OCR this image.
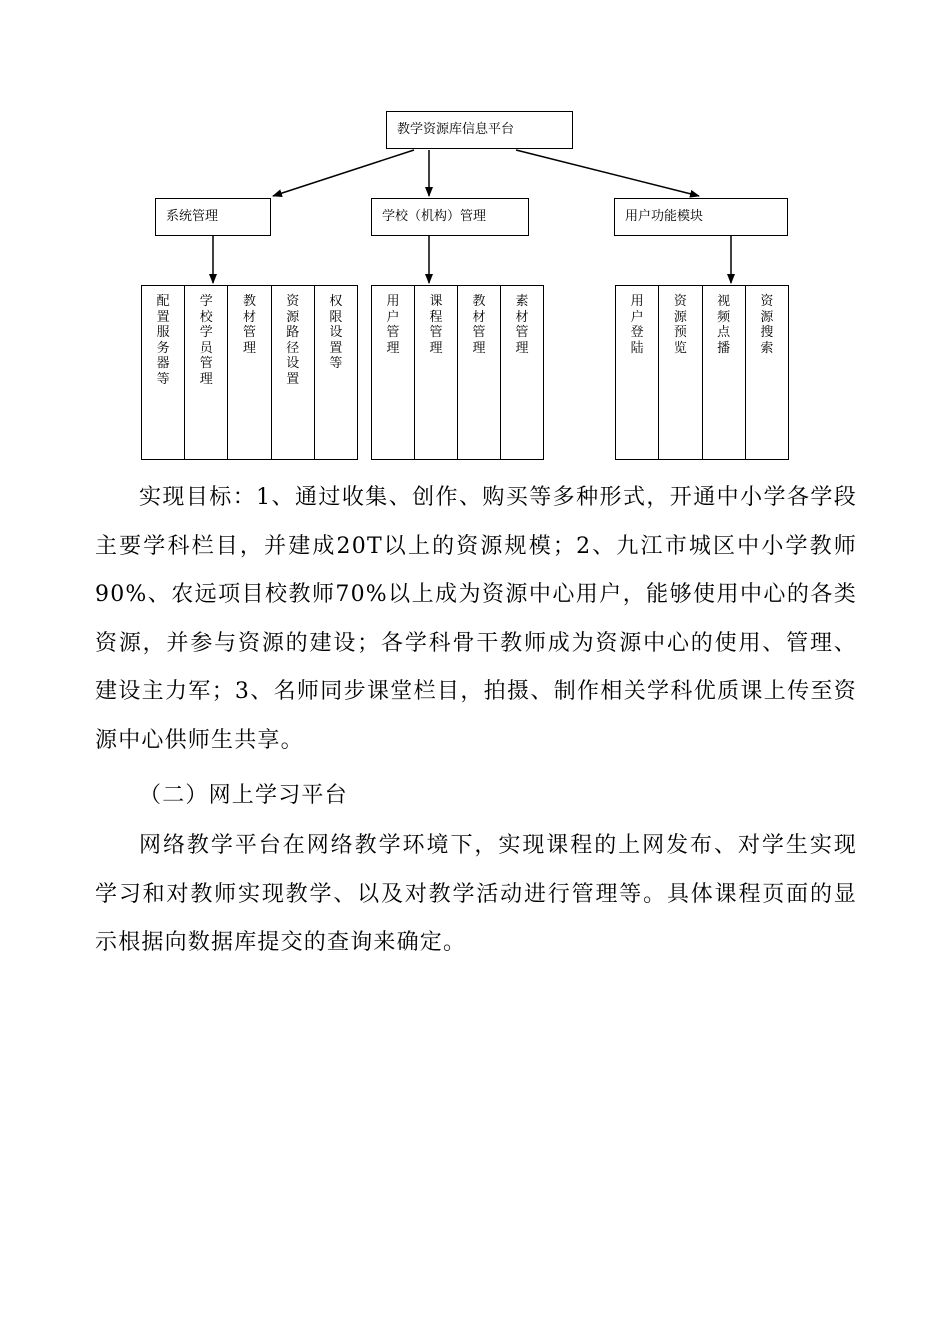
教学资源库信息平台
系统管理	学校（机构）管理	用户功能模块
配置服务器等
学校学员管理
教材管理
资源路径设置
权限设置等
用户管理
课程管理
教材管理
素材管理
用户登陆
资源预览
视频点播
资源搜索

实现目标：1、通过收集、创作、购买等多种形式，开通中小学各学段主要学科栏目，并建成20T以上的资源规模；2、九江市城区中小学教师90%、农远项目校教师70%以上成为资源中心用户，能够使用中心的各类资源，并参与资源的建设；各学科骨干教师成为资源中心的使用、管理、建设主力军；3、名师同步课堂栏目，拍摄、制作相关学科优质课上传至资源中心供师生共享。

（二）网上学习平台

网络教学平台在网络教学环境下，实现课程的上网发布、对学生实现学习和对教师实现教学、以及对教学活动进行管理等。具体课程页面的显示根据向数据库提交的查询来确定。
